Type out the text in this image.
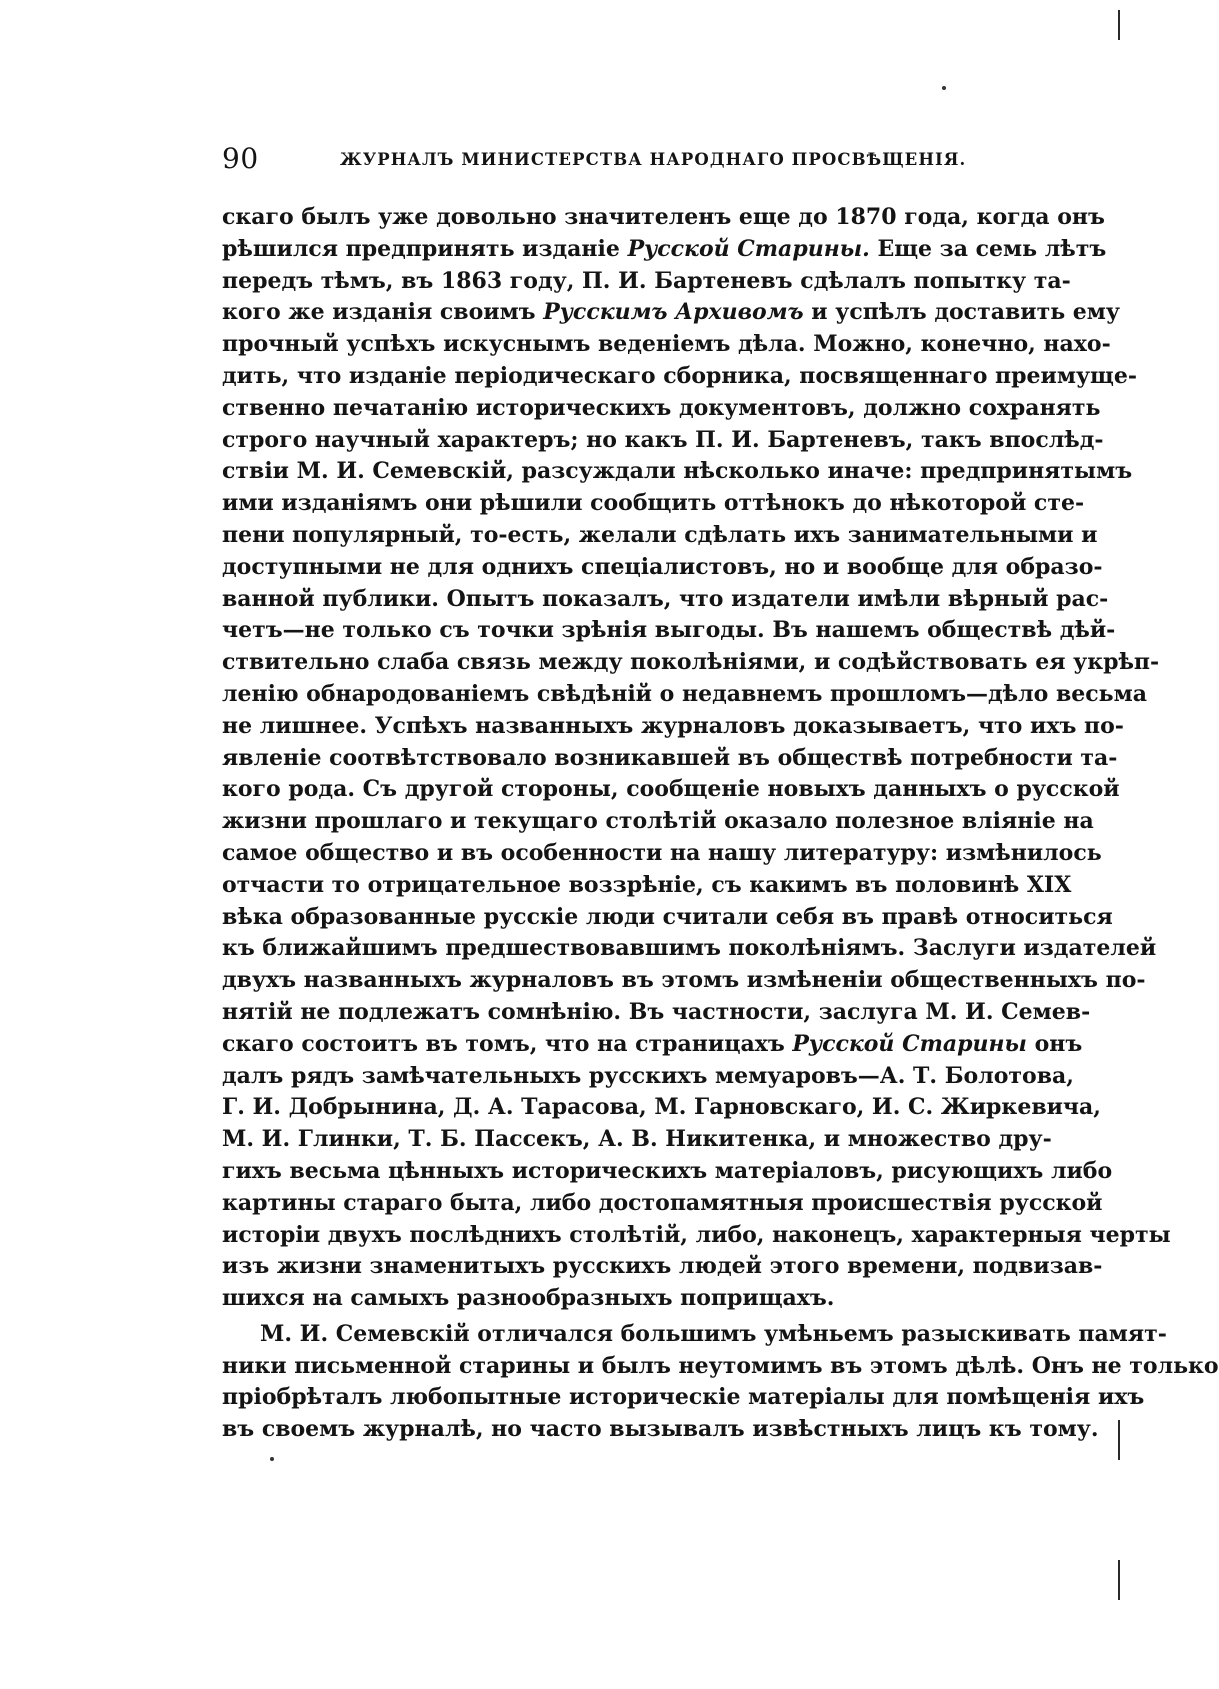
90	ЖУРНАЛЪ МИНИСТЕРСТВА НАРОДНАГО ПРОСВѢЩЕНІЯ.
скаго былъ уже довольно значителенъ еще до 1870 года, когда онъ
рѣшился предпринять изданіе Русской Старины. Еще за семь лѣтъ
передъ тѣмъ, въ 1863 году, П. И. Бартеневъ сдѣлалъ попытку та-
кого же изданія своимъ Русскимъ Архивомъ и успѣлъ доставить ему
прочный успѣхъ искуснымъ веденіемъ дѣла. Можно, конечно, нахо-
дить, что изданіе періодическаго сборника, посвященнаго преимуще-
ственно печатанію историческихъ документовъ, должно сохранять
строго научный характеръ; но какъ П. И. Бартеневъ, такъ впослѣд-
ствіи М. И. Семевскій, разсуждали нѣсколько иначе: предпринятымъ
ими изданіямъ они рѣшили сообщить оттѣнокъ до нѣкоторой сте-
пени популярный, то-есть, желали сдѣлать ихъ занимательными и
доступными не для однихъ спеціалистовъ, но и вообще для образо-
ванной публики. Опытъ показалъ, что издатели имѣли вѣрный рас-
четъ—не только съ точки зрѣнія выгоды. Въ нашемъ обществѣ дѣй-
ствительно слаба связь между поколѣніями, и содѣйствовать ея укрѣп-
ленію обнародованіемъ свѣдѣній о недавнемъ прошломъ—дѣло весьма
не лишнее. Успѣхъ названныхъ журналовъ доказываетъ, что ихъ по-
явленіе соотвѣтствовало возникавшей въ обществѣ потребности та-
кого рода. Съ другой стороны, сообщеніе новыхъ данныхъ о русской
жизни прошлаго и текущаго столѣтій оказало полезное вліяніе на
самое общество и въ особенности на нашу литературу: измѣнилось
отчасти то отрицательное воззрѣніе, съ какимъ въ половинѣ XIX
вѣка образованные русскіе люди считали себя въ правѣ относиться
къ ближайшимъ предшествовавшимъ поколѣніямъ. Заслуги издателей
двухъ названныхъ журналовъ въ этомъ измѣненіи общественныхъ по-
нятій не подлежатъ сомнѣнію. Въ частности, заслуга М. И. Семев-
скаго состоитъ въ томъ, что на страницахъ Русской Старины онъ
далъ рядъ замѣчательныхъ русскихъ мемуаровъ—А. Т. Болотова,
Г. И. Добрынина, Д. А. Тарасова, М. Гарновскаго, И. С. Жиркевича,
М. И. Глинки, Т. Б. Пассекъ, А. В. Никитенка, и множество дру-
гихъ весьма цѣнныхъ историческихъ матеріаловъ, рисующихъ либо
картины стараго быта, либо достопамятныя происшествія русской
исторіи двухъ послѣднихъ столѣтій, либо, наконецъ, характерныя черты
изъ жизни знаменитыхъ русскихъ людей этого времени, подвизав-
шихся на самыхъ разнообразныхъ поприщахъ.
М. И. Семевскій отличался большимъ умѣньемъ разыскивать памят-
ники письменной старины и былъ неутомимъ въ этомъ дѣлѣ. Онъ не только
пріобрѣталъ любопытные историческіе матеріалы для помѣщенія ихъ
въ своемъ журналѣ, но часто вызывалъ извѣстныхъ лицъ къ тому.
